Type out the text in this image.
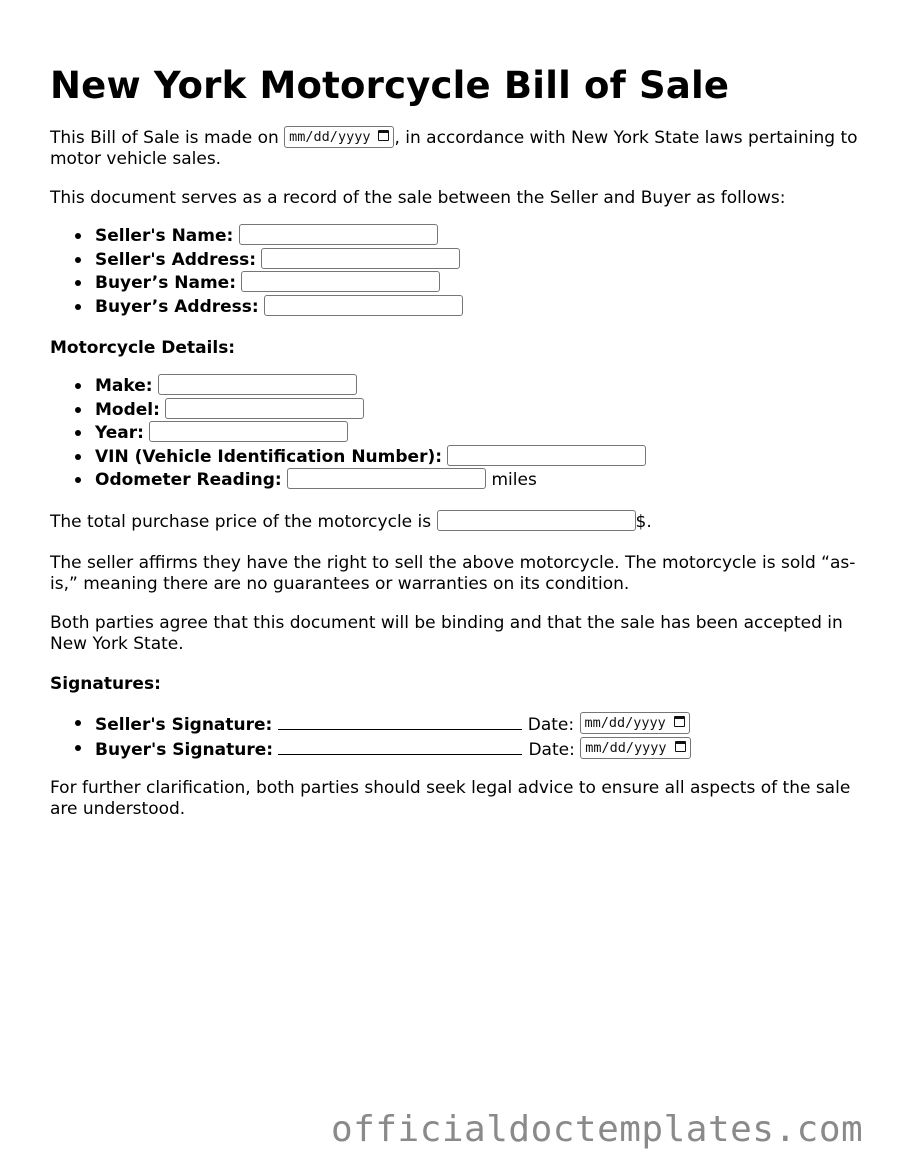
New York Motorcycle Bill of Sale

This Bill of Sale is made on mm/dd/yyyy , in accordance with New York State laws pertaining to motor vehicle sales.

This document serves as a record of the sale between the Seller and Buyer as follows:

Seller's Name:
Seller's Address:
Buyer’s Name:
Buyer’s Address:

Motorcycle Details:

Make:
Model:
Year:
VIN (Vehicle Identification Number):
Odometer Reading:	miles

The total purchase price of the motorcycle is	$.

The seller affirms they have the right to sell the above motorcycle. The motorcycle is sold “as-is,” meaning there are no guarantees or warranties on its condition.

Both parties agree that this document will be binding and that the sale has been accepted in New York State.

Signatures:

Seller's Signature:	Date: mm/dd/yyyy
Buyer's Signature:	Date: mm/dd/yyyy

For further clarification, both parties should seek legal advice to ensure all aspects of the sale are understood.

officialdoctemplates.com
